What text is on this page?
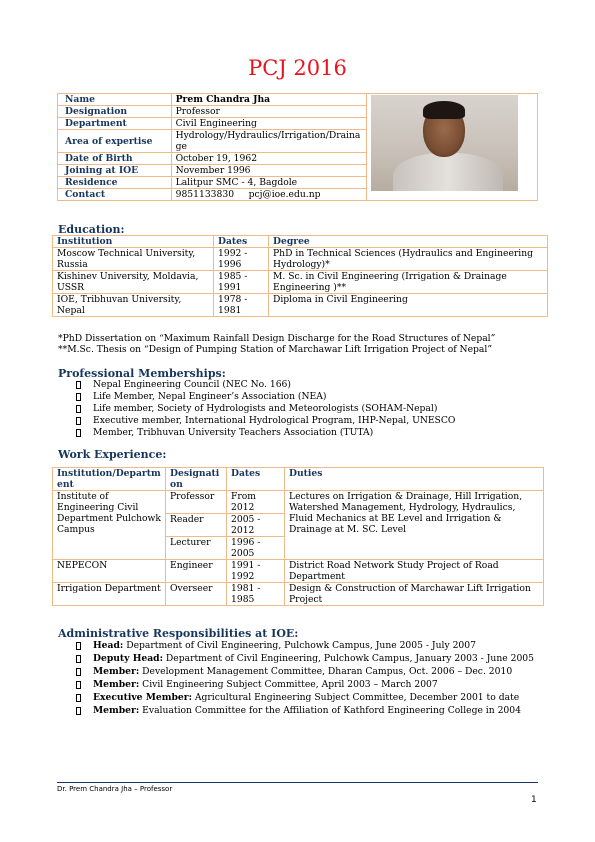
PCJ 2016
Name	Prem Chandra Jha	

Designation	Professor	
Department	Civil Engineering	
Area of expertise	Hydrology/Hydraulics/Irrigation/Drainage	
Date of Birth	October 19, 1962	
Joining at IOE	November 1996	
Residence	Lalitpur SMC - 4, Bagdole	
Contact	9851133830     pcj@ioe.edu.np	
Education:
Institution	Dates	Degree
Moscow Technical University, Russia	1992 - 1996	PhD in Technical Sciences (Hydraulics and Engineering Hydrology)*
Kishinev University, Moldavia, USSR	1985 - 1991	M. Sc. in Civil Engineering (Irrigation & Drainage Engineering )**
IOE, Tribhuvan University, Nepal	1978 - 1981	Diploma in Civil Engineering
*PhD Dissertation on “Maximum Rainfall Design Discharge for the Road Structures of Nepal”
**M.Sc. Thesis on “Design of Pumping Station of Marchawar Lift Irrigation Project of Nepal”
Professional Memberships:
Nepal Engineering Council (NEC No. 166)
Life Member, Nepal Engineer’s Association (NEA)
Life member, Society of Hydrologists and Meteorologists (SOHAM-Nepal)
Executive member, International Hydrological Program, IHP-Nepal, UNESCO
Member, Tribhuvan University Teachers Association (TUTA)
Work Experience:
Institution/Department	Designation	Dates	Duties
Institute of Engineering Civil Department Pulchowk Campus	Professor	From 2012	Lectures on Irrigation & Drainage, Hill Irrigation, Watershed Management, Hydrology, Hydraulics, Fluid Mechanics at BE Level and Irrigation & Drainage at M. SC. Level
	Reader	2005 - 2012	
	Lecturer	1996 - 2005	
NEPECON	Engineer	1991 - 1992	District Road Network Study Project of Road Department
Irrigation Department	Overseer	1981 - 1985	Design & Construction of Marchawar Lift Irrigation Project
Administrative Responsibilities at IOE:
Head: Department of Civil Engineering, Pulchowk Campus, June 2005 - July 2007
Deputy Head: Department of Civil Engineering, Pulchowk Campus, January 2003 - June 2005
Member: Development Management Committee, Dharan Campus, Oct. 2006 – Dec. 2010
Member: Civil Engineering Subject Committee, April 2003 – March 2007
Executive Member: Agricultural Engineering Subject Committee, December 2001 to date
Member: Evaluation Committee for the Affiliation of Kathford Engineering College in 2004
Dr. Prem Chandra Jha – Professor
1
